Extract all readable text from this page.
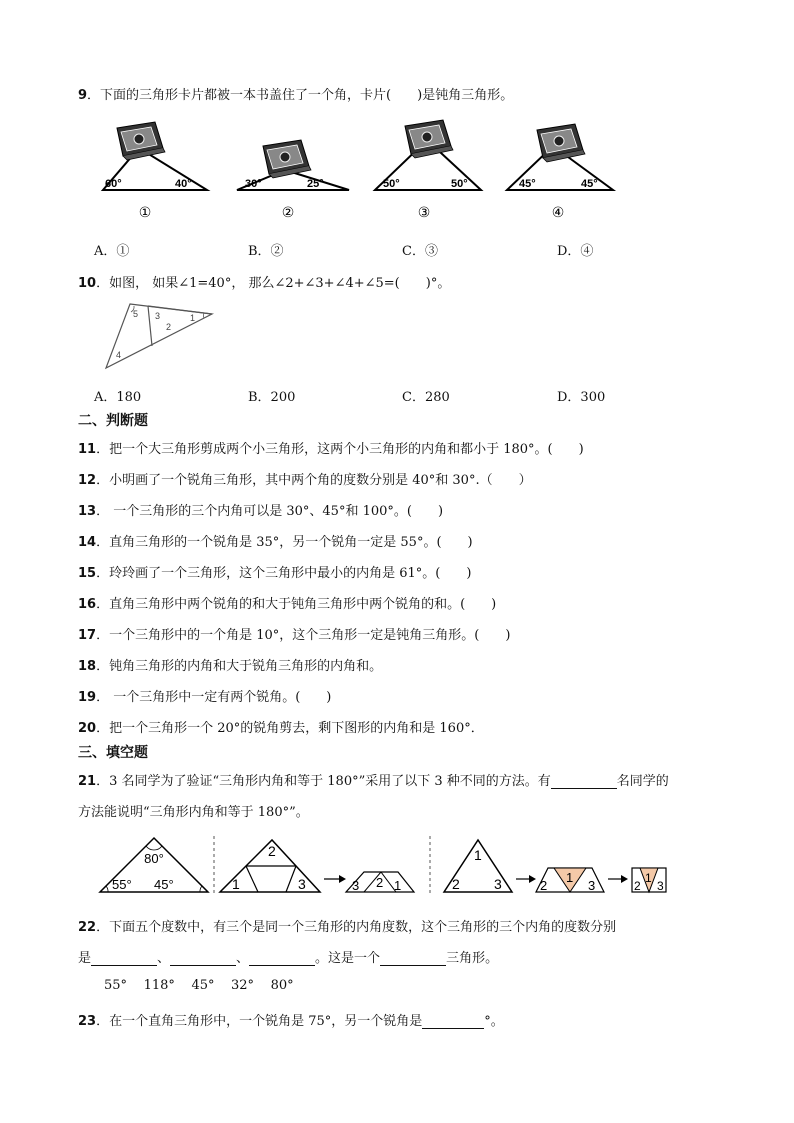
9．下面的三角形卡片都被一本书盖住了一个角，卡片(　　)是钝角三角形。
60°	40°
①
30°	25°
②
50°	50°
③
45°	45°
④
A．①	B．②	C．③	D．④
10．如图， 如果∠1=40°， 那么∠2+∠3+∠4+∠5=(　　)°。
5 3
2
1
4
A．180	B．200	C．280	D．300
二、判断题
11．把一个大三角形剪成两个小三角形，这两个小三角形的内角和都小于 180°。(　　)
12．小明画了一个锐角三角形，其中两个角的度数分别是 40°和 30°.（　　）
13． 一个三角形的三个内角可以是 30°、45°和 100°。(　　)
14．直角三角形的一个锐角是 35°，另一个锐角一定是 55°。(　　)
15．玲玲画了一个三角形，这个三角形中最小的内角是 61°。(　　)
16．直角三角形中两个锐角的和大于钝角三角形中两个锐角的和。(　　)
17．一个三角形中的一个角是 10°，这个三角形一定是钝角三角形。(　　)
18．钝角三角形的内角和大于锐角三角形的内角和。
19． 一个三角形中一定有两个锐角。(　　)
20．把一个三角形一个 20°的锐角剪去，剩下图形的内角和是 160°．
三、填空题
21．3 名同学为了验证“三角形内角和等于 180°”采用了以下 3 种不同的方法。有	名同学的
方法能说明“三角形内角和等于 180°”。
80°
55° 45°	1
2
3	3 2 1
1
2 3	2
1
3	2
1
3
22．下面五个度数中，有三个是同一个三角形的内角度数，这个三角形的三个内角的度数分别
是	、	、	。这是一个	三角形。
55° 118° 45° 32° 80°
23．在一个直角三角形中，一个锐角是 75°，另一个锐角是	°。
